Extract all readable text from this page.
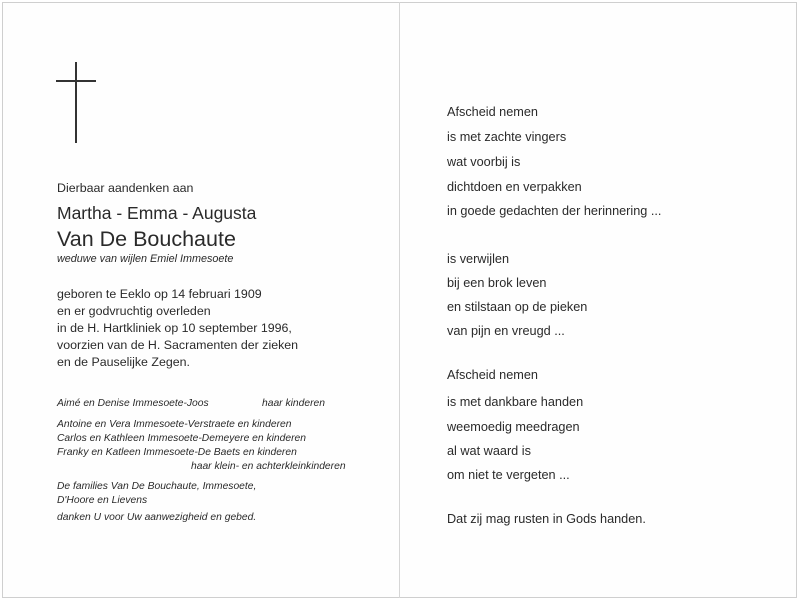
Dierbaar aandenken aan
Martha - Emma - Augusta
Van De Bouchaute
weduwe van wijlen Emiel Immesoete
geboren te Eeklo op 14 februari 1909
en er godvruchtig overleden
in de H. Hartkliniek op 10 september 1996,
voorzien van de H. Sacramenten der zieken
en de Pauselijke Zegen.
Aimé en Denise Immesoete-Joos	haar kinderen
Antoine en Vera Immesoete-Verstraete en kinderen
Carlos en Kathleen Immesoete-Demeyere en kinderen
Franky en Katleen Immesoete-De Baets en kinderen
haar klein- en achterkleinkinderen
De families Van De Bouchaute, Immesoete,
D'Hoore en Lievens
danken U voor Uw aanwezigheid en gebed.
Afscheid nemen
is met zachte vingers
wat voorbij is
dichtdoen en verpakken
in goede gedachten der herinnering ...
is verwijlen
bij een brok leven
en stilstaan op de pieken
van pijn en vreugd ...
Afscheid nemen
is met dankbare handen
weemoedig meedragen
al wat waard is
om niet te vergeten ...
Dat zij mag rusten in Gods handen.
